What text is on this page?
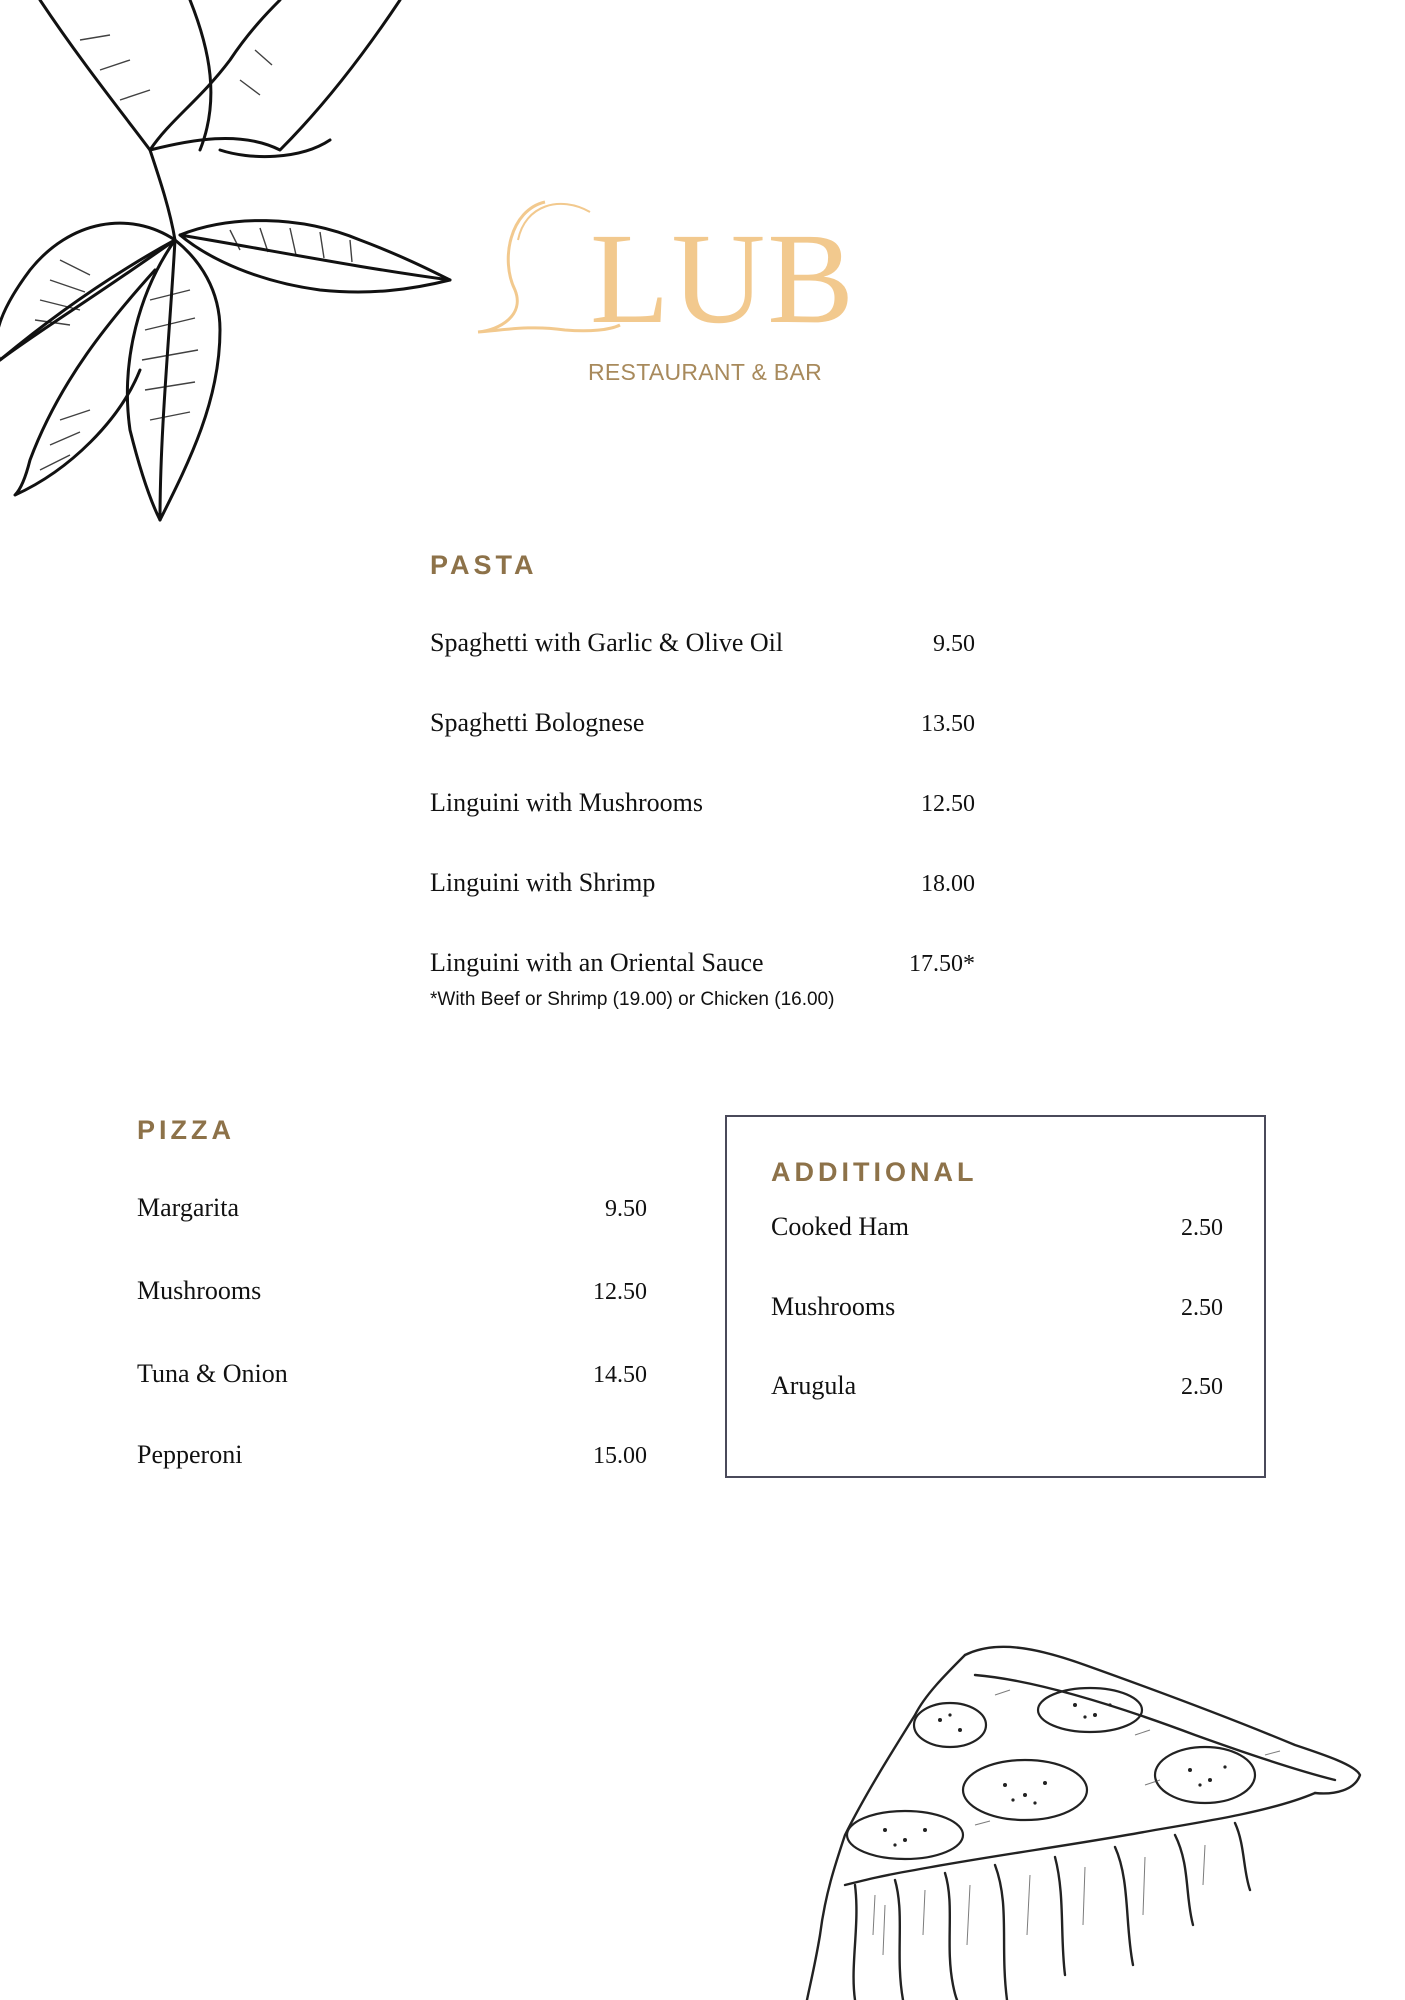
LUB
RESTAURANT & BAR
PASTA
Spaghetti with Garlic & Olive Oil	9.50
Spaghetti Bolognese	13.50
Linguini with Mushrooms	12.50
Linguini with Shrimp	18.00
Linguini with an Oriental Sauce	17.50*
*With Beef or Shrimp (19.00) or Chicken (16.00)
PIZZA
Margarita	9.50
Mushrooms	12.50
Tuna & Onion	14.50
Pepperoni	15.00
ADDITIONAL
Cooked Ham	2.50
Mushrooms	2.50
Arugula	2.50
